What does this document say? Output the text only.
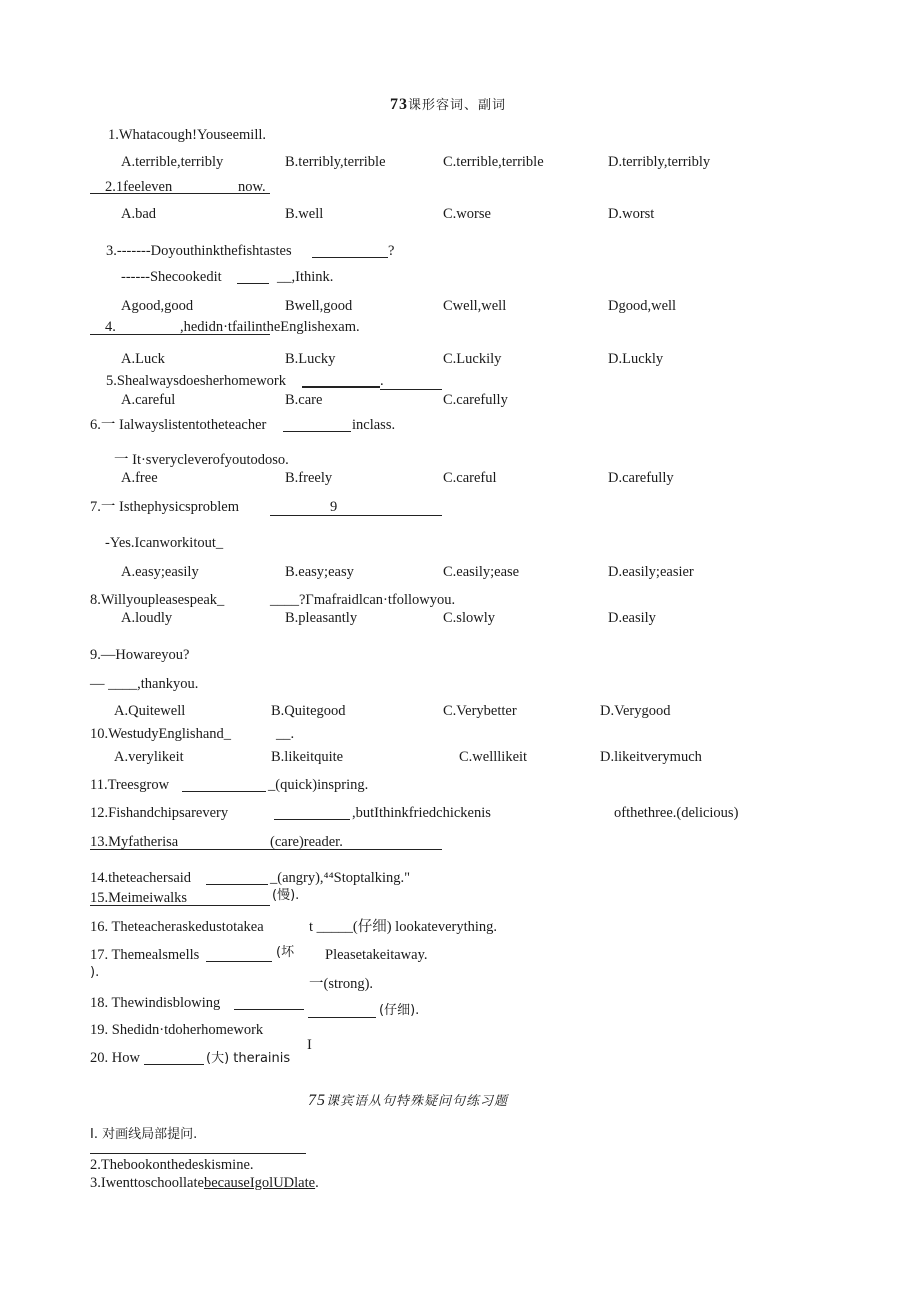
73课形容词、副词
1.Whatacough!Youseemill.
A.terrible,terribly	B.terribly,terrible	C.terrible,terrible	D.terribly,terribly
2.1feeleven	now.
A.bad	B.well	C.worse	D.worst
3.-------Doyouthinkthefishtastes	?
------Shecookedit	__,Ithink.
Agood,good	Bwell,good	Cwell,well	Dgood,well
4.	,hedidn·tfailintheEnglishexam.
A.Luck	B.Lucky	C.Luckily	D.Luckly
5.Shealwaysdoesherhomework	.
A.careful	B.care	C.carefully
6.一 Ialwayslistentotheteacher	inclass.
一 It·sverycleverofyoutodoso.
A.free	B.freely	C.careful	D.carefully
7.一 Isthephysicsproblem	9
-Yes.Icanworkitout_
A.easy;easily	B.easy;easy	C.easily;ease	D.easily;easier
8.Willyoupleasespeak_	____?Γmafraidlcan·tfollowyou.
A.loudly	B.pleasantly	C.slowly	D.easily
9.—Howareyou?
— ____,thankyou.
A.Quitewell	B.Quitegood	C.Verybetter	D.Verygood
10.WestudyEnglishand_	__.
A.verylikeit	B.likeitquite	C.welllikeit	D.likeitverymuch
11.Treesgrow	_(quick)inspring.
12.Fishandchipsarevery	,butIthinkfriedchickenis	ofthethree.(delicious)
13.Myfatherisa	(care)reader.
14.theteachersaid	_(angry),⁴⁴Stoptalking."
15.Meimeiwalks	(慢).
16. Theteacheraskedustotakea	t _____(仔细) lookateverything.
17. Themealsmells	(坏
).
Pleasetakeitaway.
一(strong).
18. Thewindisblowing	(仔细).
19. Shedidn·tdoherhomework
I
20. How	(大) therainis
75课宾语从句特殊疑问句练习题
I. 对画线局部提问.
2.Thebookonthedeskismine.
3.IwenttoschoollatebecauseIgolUDlate.
